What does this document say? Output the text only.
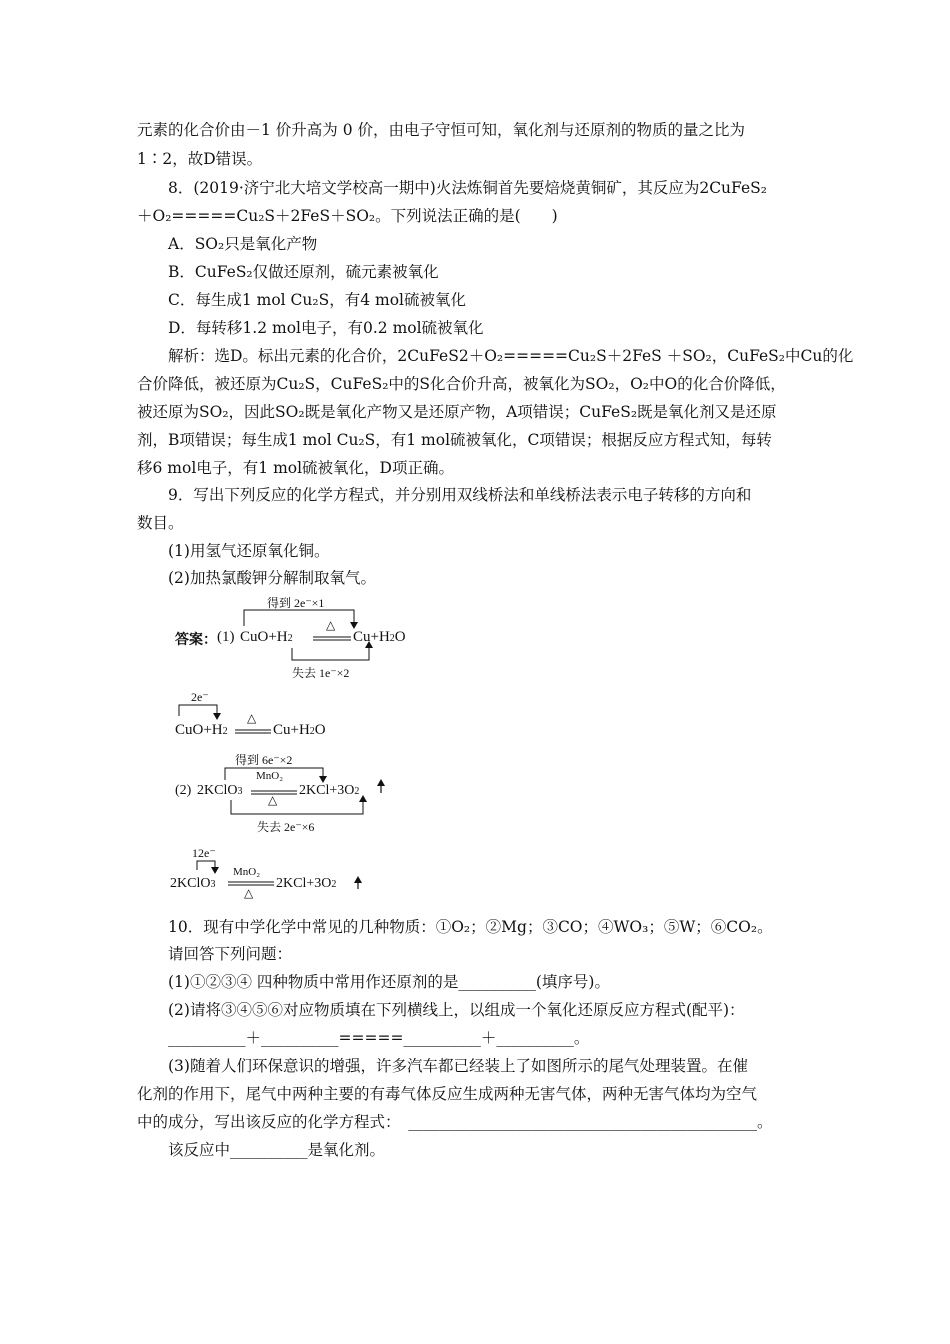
元素的化合价由－1 价升高为 0 价，由电子守恒可知，氧化剂与还原剂的物质的量之比为
1∶2，故D错误。
8．(2019·济宁北大培文学校高一期中)火法炼铜首先要焙烧黄铜矿，其反应为2CuFeS₂
＋O₂=====Cu₂S＋2FeS＋SO₂。下列说法正确的是(　　)
A．SO₂只是氧化产物
B．CuFeS₂仅做还原剂，硫元素被氧化
C．每生成1 mol Cu₂S，有4 mol硫被氧化
D．每转移1.2 mol电子，有0.2 mol硫被氧化
解析：选D。标出元素的化合价，2CuFeS2＋O₂=====Cu₂S＋2FeS ＋SO₂，CuFeS₂中Cu的化
合价降低，被还原为Cu₂S，CuFeS₂中的S化合价升高，被氧化为SO₂，O₂中O的化合价降低，
被还原为SO₂，因此SO₂既是氧化产物又是还原产物，A项错误；CuFeS₂既是氧化剂又是还原
剂，B项错误；每生成1 mol Cu₂S，有1 mol硫被氧化，C项错误；根据反应方程式知，每转
移6 mol电子，有1 mol硫被氧化，D项正确。
9．写出下列反应的化学方程式，并分别用双线桥法和单线桥法表示电子转移的方向和
数目。
(1)用氢气还原氧化铜。
(2)加热氯酸钾分解制取氧气。
得到 2e⁻×1
答案： (1) CuO+H2
△
Cu+H2O
失去 1e⁻×2
2e⁻
CuO+H2
△
Cu+H2O
得到 6e⁻×2
(2) 2KClO3
MnO₂
△
2KCl+3O2
失去 2e⁻×6
12e⁻
2KClO3
MnO₂
△
2KCl+3O2
10．现有中学化学中常见的几种物质：①O₂；②Mg；③CO；④WO₃；⑤W；⑥CO₂。
请回答下列问题：
(1)①②③④ 四种物质中常用作还原剂的是__________(填序号)。
(2)请将③④⑤⑥对应物质填在下列横线上，以组成一个氧化还原反应方程式(配平)：
__________＋__________=====__________＋__________。
(3)随着人们环保意识的增强，许多汽车都已经装上了如图所示的尾气处理装置。在催
化剂的作用下，尾气中两种主要的有毒气体反应生成两种无害气体，两种无害气体均为空气
中的成分，写出该反应的化学方程式：　_____________________________________________。
该反应中__________是氧化剂。
